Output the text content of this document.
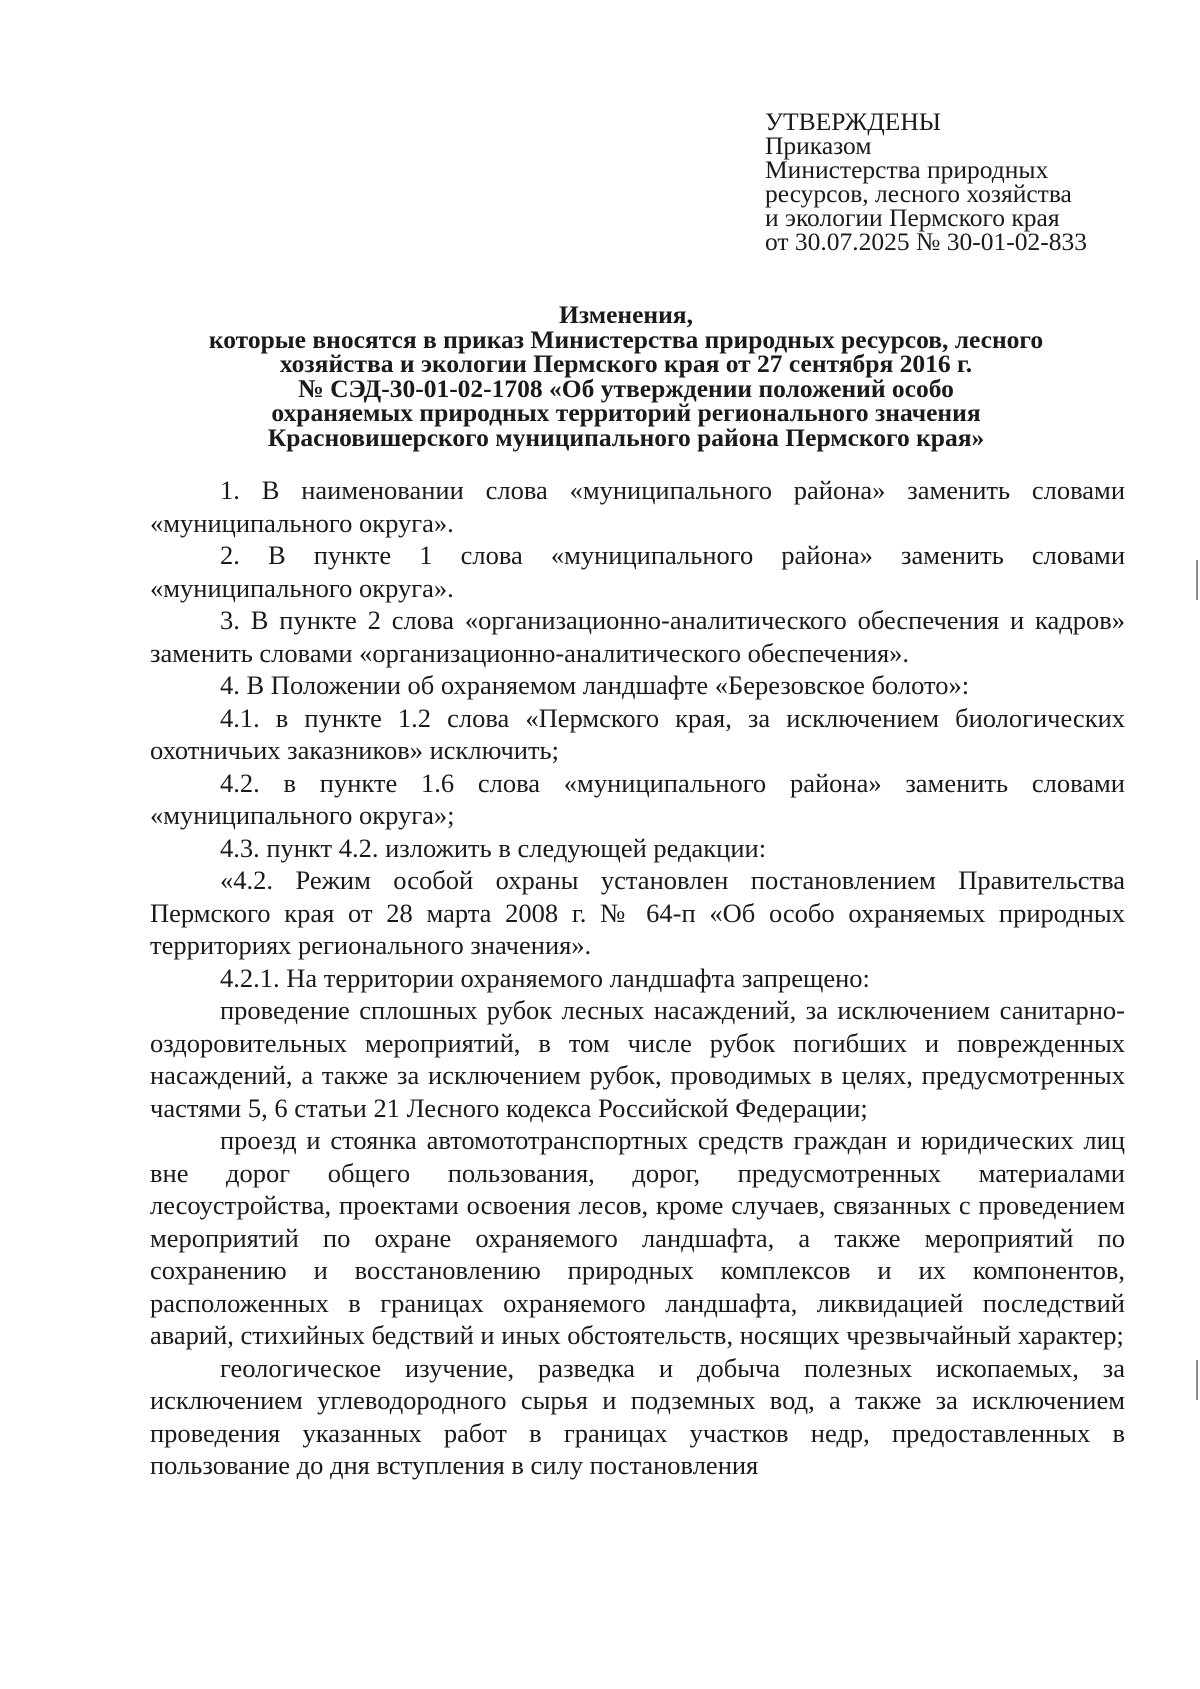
УТВЕРЖДЕНЫ
Приказом
Министерства природных
ресурсов, лесного хозяйства
и экологии Пермского края
от 30.07.2025 № 30-01-02-833
Изменения,
которые вносятся в приказ Министерства природных ресурсов, лесного
хозяйства и экологии Пермского края от 27 сентября 2016 г.
№ СЭД-30-01-02-1708 «Об утверждении положений особо
охраняемых природных территорий регионального значения
Красновишерского муниципального района Пермского края»

1. В наименовании слова «муниципального района» заменить словами «муниципального округа».

2. В пункте 1 слова «муниципального района» заменить словами «муниципального округа».

3. В пункте 2 слова «организационно-аналитического обеспечения и кадров» заменить словами «организационно-аналитического обеспечения».

4. В Положении об охраняемом ландшафте «Березовское болото»:

4.1. в пункте 1.2 слова «Пермского края, за исключением биологических охотничьих заказников» исключить;

4.2. в пункте 1.6 слова «муниципального района» заменить словами «муниципального округа»;

4.3. пункт 4.2. изложить в следующей редакции:

«4.2. Режим особой охраны установлен постановлением Правительства Пермского края от 28 марта 2008 г. № 64-п «Об особо охраняемых природных территориях регионального значения».

4.2.1. На территории охраняемого ландшафта запрещено:

проведение сплошных рубок лесных насаждений, за исключением санитарно-оздоровительных мероприятий, в том числе рубок погибших и поврежденных насаждений, а также за исключением рубок, проводимых в целях, предусмотренных частями 5, 6 статьи 21 Лесного кодекса Российской Федерации;

проезд и стоянка автомототранспортных средств граждан и юридических лиц вне дорог общего пользования, дорог, предусмотренных материалами лесоустройства, проектами освоения лесов, кроме случаев, связанных с проведением мероприятий по охране охраняемого ландшафта, а также мероприятий по сохранению и восстановлению природных комплексов и их компонентов, расположенных в границах охраняемого ландшафта, ликвидацией последствий аварий, стихийных бедствий и иных обстоятельств, носящих чрезвычайный характер;

геологическое изучение, разведка и добыча полезных ископаемых, за исключением углеводородного сырья и подземных вод, а также за исключением проведения указанных работ в границах участков недр, предоставленных в пользование до дня вступления в силу постановления
